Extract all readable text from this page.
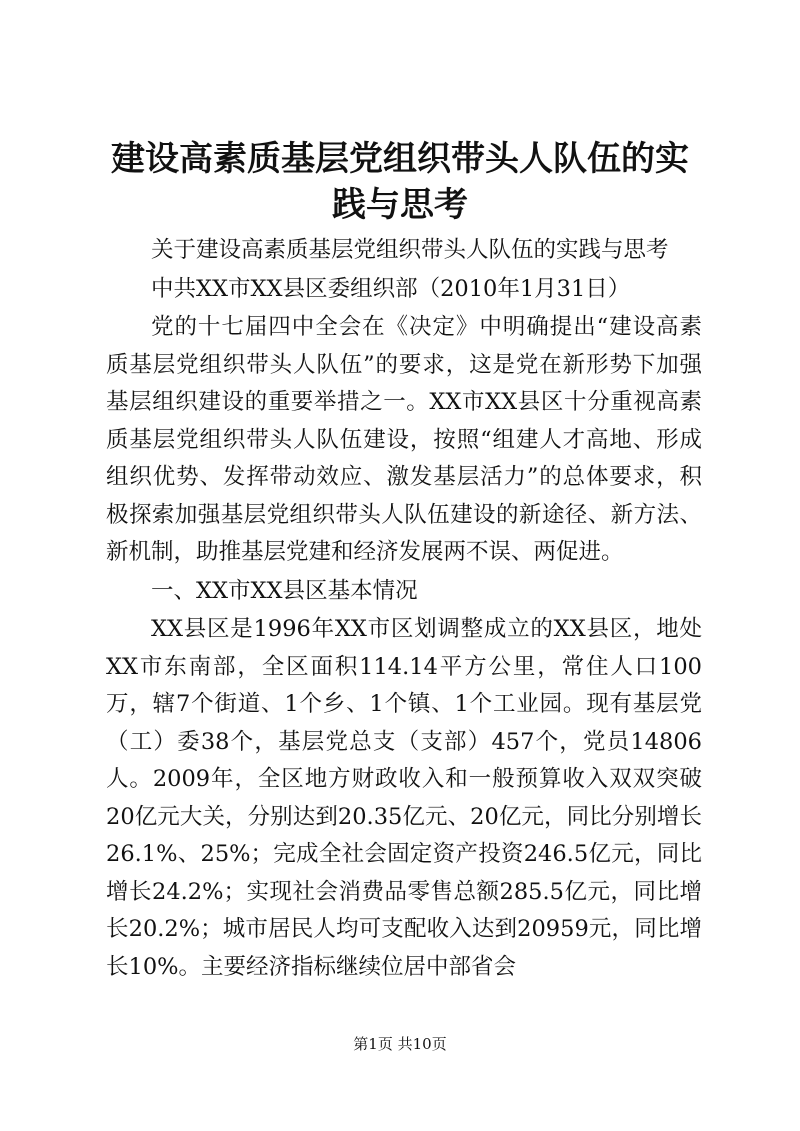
建设高素质基层党组织带头人队伍的实践与思考

关于建设高素质基层党组织带头人队伍的实践与思考

中共XX市XX县区委组织部（2010年1月31日）

党的十七届四中全会在《决定》中明确提出“建设高素质基层党组织带头人队伍”的要求，这是党在新形势下加强基层组织建设的重要举措之一。XX市XX县区十分重视高素质基层党组织带头人队伍建设，按照“组建人才高地、形成组织优势、发挥带动效应、激发基层活力”的总体要求，积极探索加强基层党组织带头人队伍建设的新途径、新方法、新机制，助推基层党建和经济发展两不误、两促进。

一、XX市XX县区基本情况

XX县区是1996年XX市区划调整成立的XX县区，地处XX市东南部，全区面积114.14平方公里，常住人口100万，辖7个街道、1个乡、1个镇、1个工业园。现有基层党（工）委38个，基层党总支（支部）457个，党员14806人。2009年，全区地方财政收入和一般预算收入双双突破20亿元大关，分别达到20.35亿元、20亿元，同比分别增长26.1%、25%；完成全社会固定资产投资246.5亿元，同比增长24.2%；实现社会消费品零售总额285.5亿元，同比增长20.2%；城市居民人均可支配收入达到20959元，同比增长10%。主要经济指标继续位居中部省会

第1页 共10页
